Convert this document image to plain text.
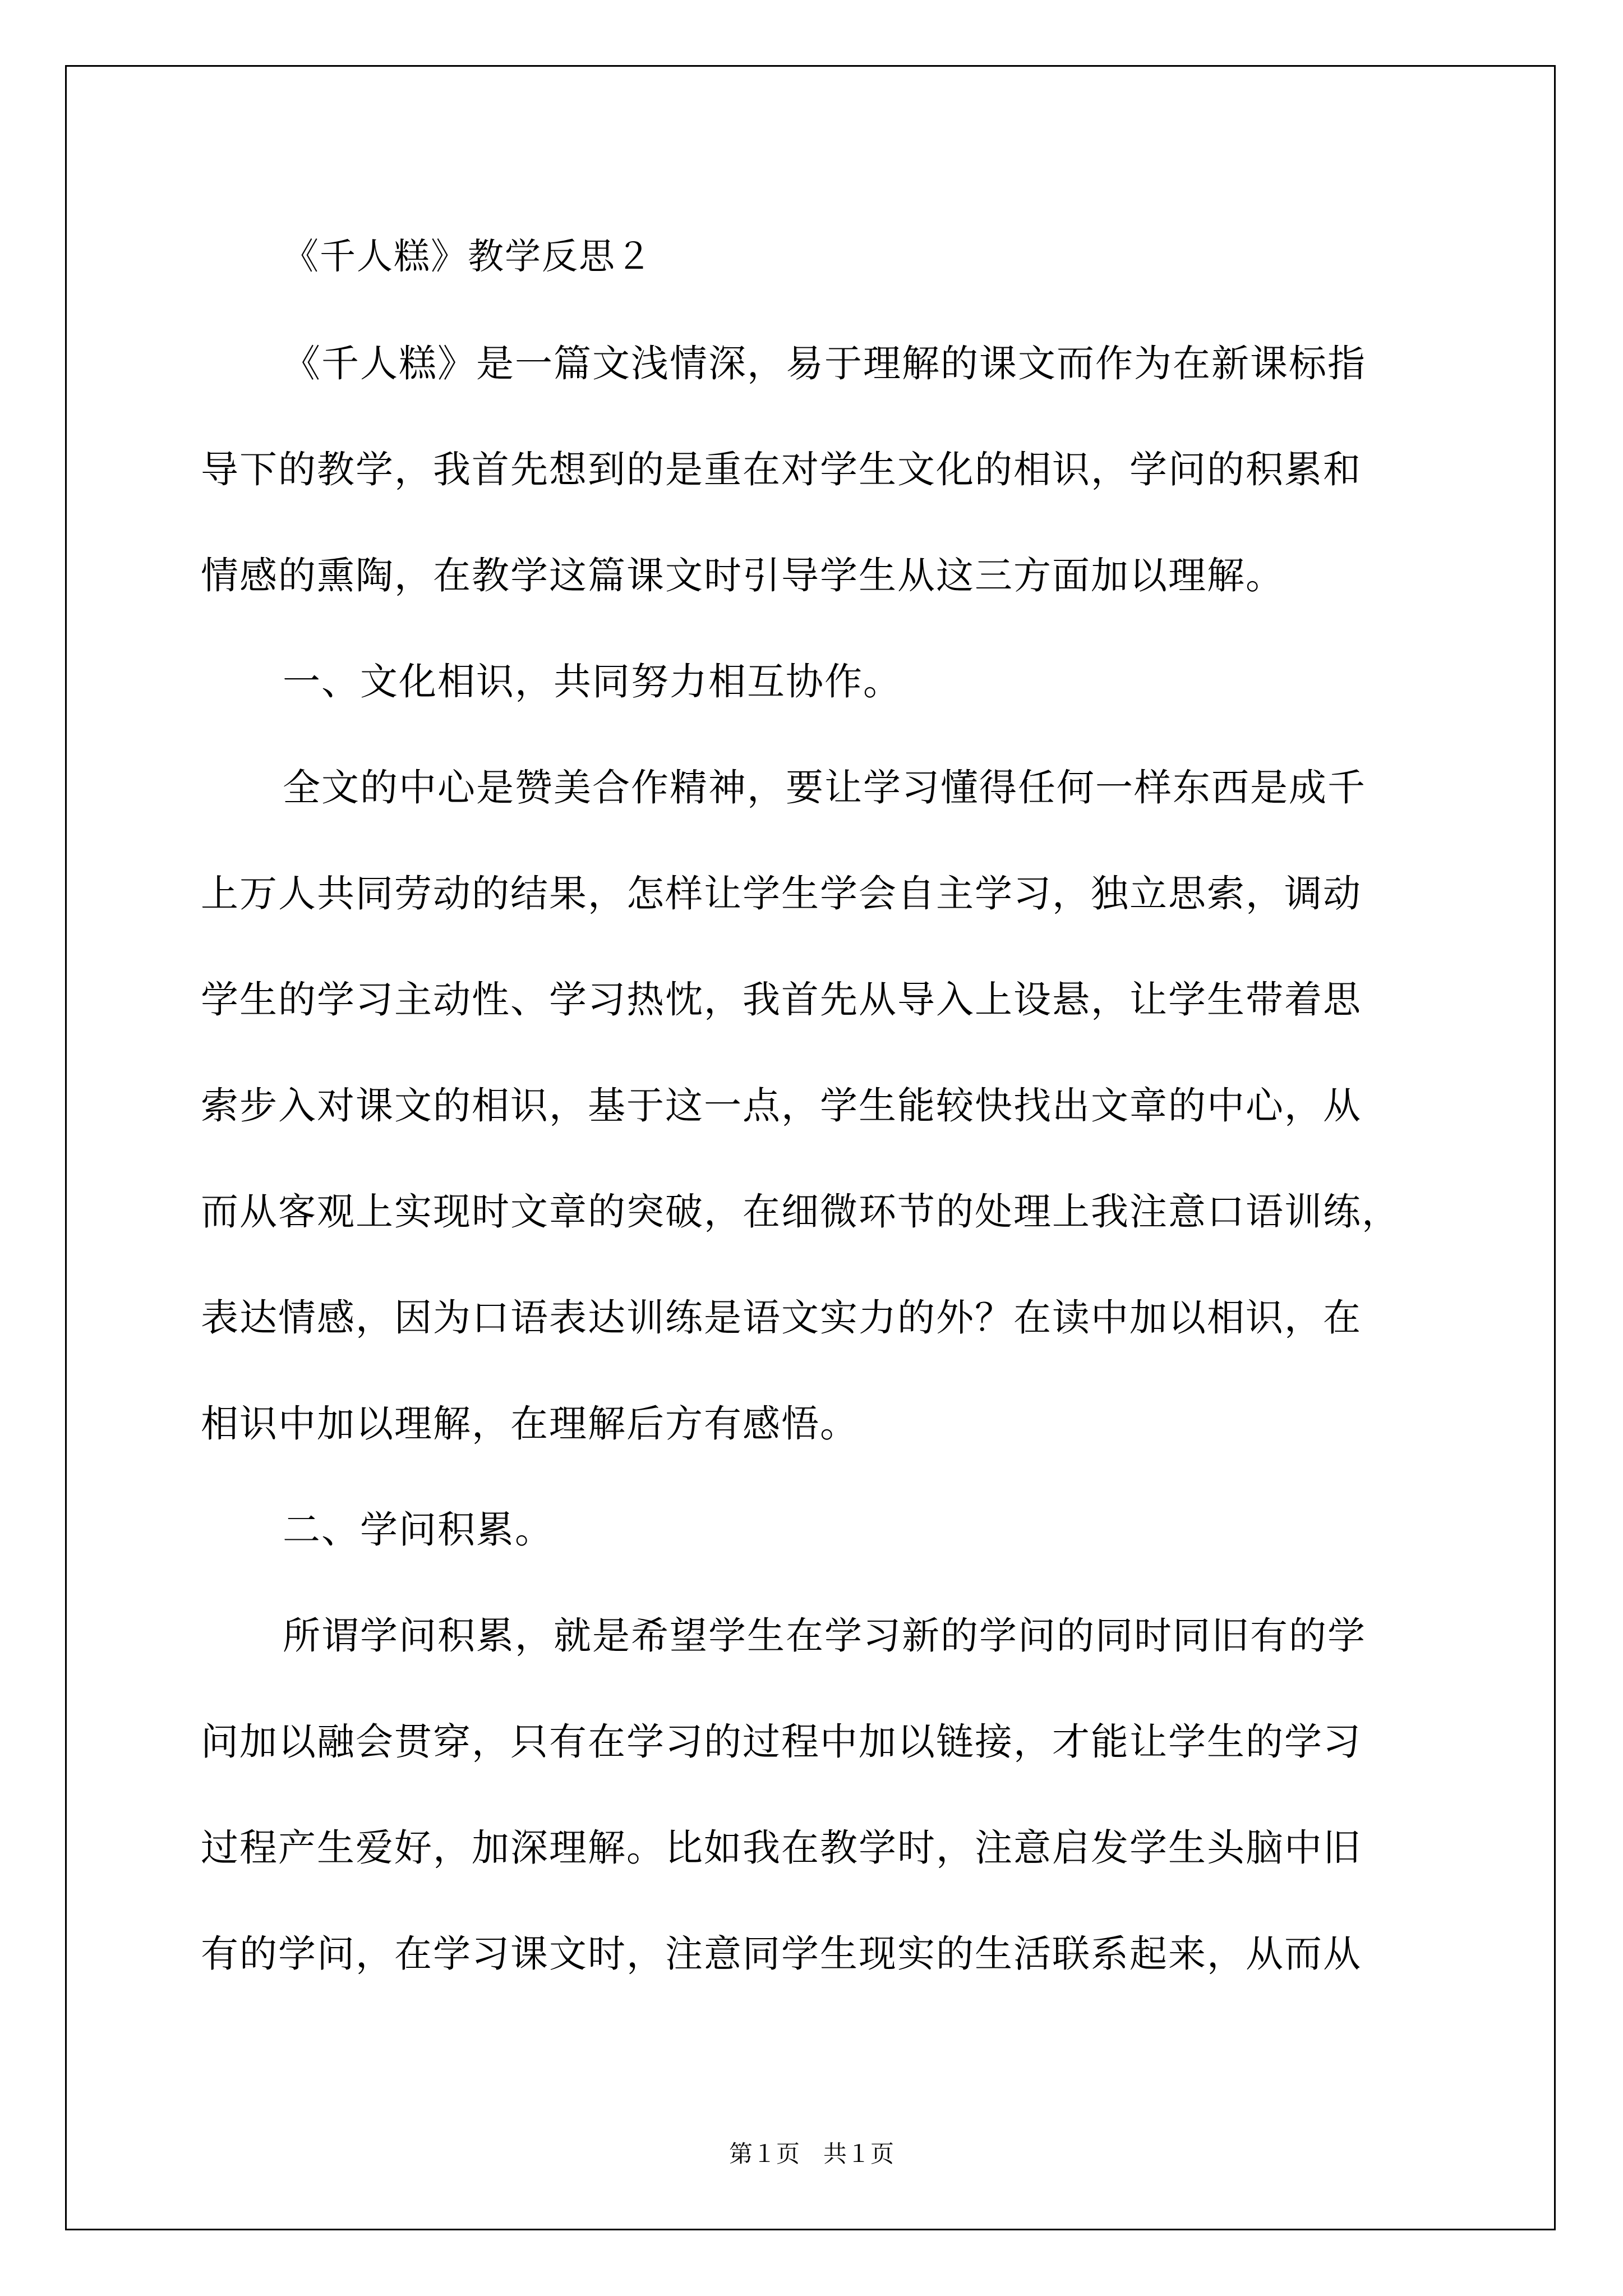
《千人糕》教学反思２
《千人糕》是一篇文浅情深，易于理解的课文而作为在新课标指
导下的教学，我首先想到的是重在对学生文化的相识，学问的积累和
情感的熏陶，在教学这篇课文时引导学生从这三方面加以理解。
一、文化相识，共同努力相互协作。
全文的中心是赞美合作精神，要让学习懂得任何一样东西是成千
上万人共同劳动的结果，怎样让学生学会自主学习，独立思索，调动
学生的学习主动性、学习热忱，我首先从导入上设悬，让学生带着思
索步入对课文的相识，基于这一点，学生能较快找出文章的中心，从
而从客观上实现时文章的突破，在细微环节的处理上我注意口语训练，
表达情感，因为口语表达训练是语文实力的外？在读中加以相识，在
相识中加以理解，在理解后方有感悟。
二、学问积累。
所谓学问积累，就是希望学生在学习新的学问的同时同旧有的学
问加以融会贯穿，只有在学习的过程中加以链接，才能让学生的学习
过程产生爱好，加深理解。比如我在教学时，注意启发学生头脑中旧
有的学问，在学习课文时，注意同学生现实的生活联系起来，从而从
第１页　共１页
